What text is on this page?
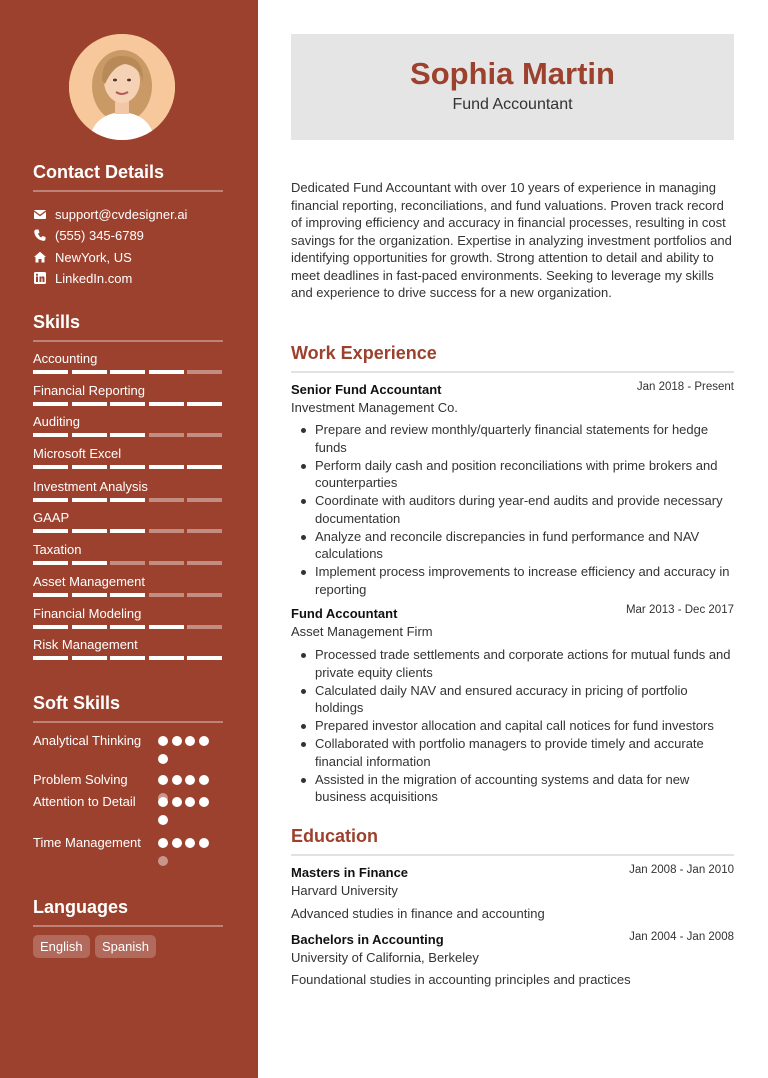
Contact Details
support@cvdesigner.ai
(555) 345-6789
NewYork, US
LinkedIn.com
Skills
Accounting
Financial Reporting
Auditing
Microsoft Excel
Investment Analysis
GAAP
Taxation
Asset Management
Financial Modeling
Risk Management
Soft Skills
Analytical Thinking
Problem Solving
Attention to Detail
Time Management
Languages
English	Spanish
Sophia Martin
Fund Accountant
Dedicated Fund Accountant with over 10 years of experience in managing financial reporting, reconciliations, and fund valuations. Proven track record of improving efficiency and accuracy in financial processes, resulting in cost savings for the organization. Expertise in analyzing investment portfolios and identifying opportunities for growth. Strong attention to detail and ability to meet deadlines in fast-paced environments. Seeking to leverage my skills and experience to drive success for a new organization.
Work Experience
Senior Fund Accountant	Jan 2018 - Present
Investment Management Co.
Prepare and review monthly/quarterly financial statements for hedge funds
Perform daily cash and position reconciliations with prime brokers and counterparties
Coordinate with auditors during year-end audits and provide necessary documentation
Analyze and reconcile discrepancies in fund performance and NAV calculations
Implement process improvements to increase efficiency and accuracy in reporting
Fund Accountant	Mar 2013 - Dec 2017
Asset Management Firm
Processed trade settlements and corporate actions for mutual funds and private equity clients
Calculated daily NAV and ensured accuracy in pricing of portfolio holdings
Prepared investor allocation and capital call notices for fund investors
Collaborated with portfolio managers to provide timely and accurate financial information
Assisted in the migration of accounting systems and data for new business acquisitions
Education
Masters in Finance	Jan 2008 - Jan 2010
Harvard University
Advanced studies in finance and accounting
Bachelors in Accounting	Jan 2004 - Jan 2008
University of California, Berkeley
Foundational studies in accounting principles and practices
